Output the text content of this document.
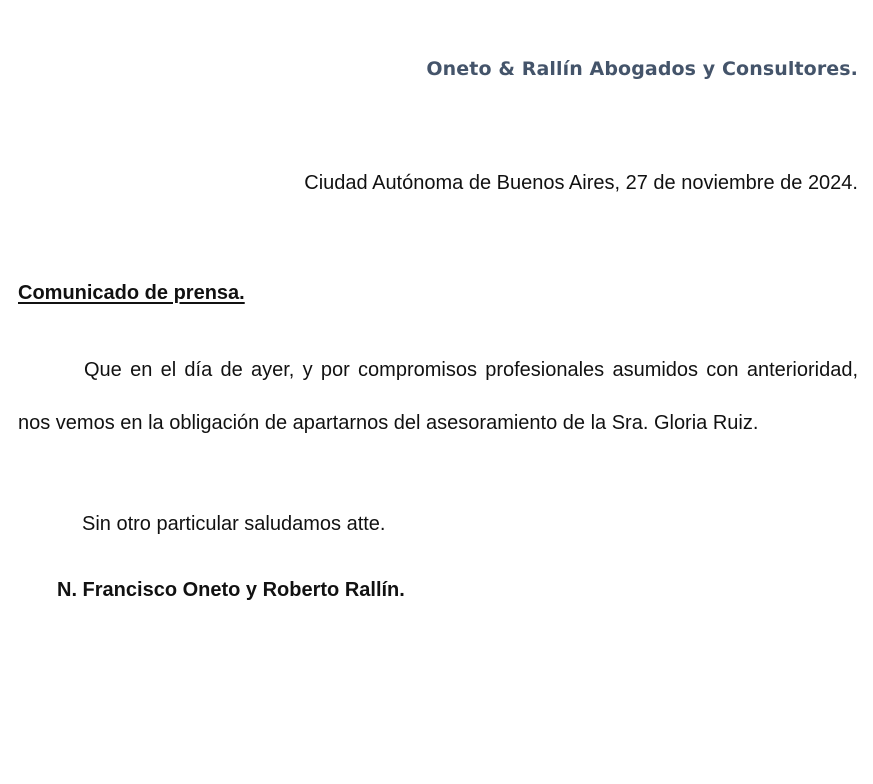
Oneto & Rallín Abogados y Consultores.
Ciudad Autónoma de Buenos Aires, 27 de noviembre de 2024.
Comunicado de prensa.

Que en el día de ayer, y por compromisos profesionales asumidos con anterioridad, nos vemos en la obligación de apartarnos del asesoramiento de la Sra. Gloria Ruiz.

Sin otro particular saludamos atte.
N. Francisco Oneto y Roberto Rallín.
